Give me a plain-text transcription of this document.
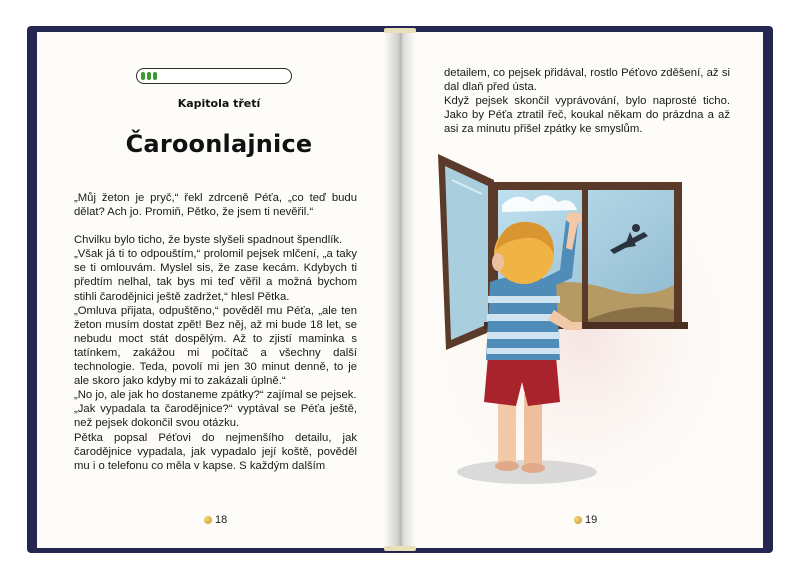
Kapitola třetí
Čaroonlajnice

„Můj žeton je pryč,“ řekl zdrceně Péťa, „co teď budu dělat? Ach jo. Promiň, Pětko, že jsem ti nevěřil.“

Chvilku bylo ticho, že byste slyšeli spadnout špendlík.

„Však já ti to odpouštím,“ prolomil pejsek mlčení, „a taky se ti omlouvám. Myslel sis, že zase kecám. Kdybych ti předtím nelhal, tak bys mi teď věřil a možná bychom stihli čarodějnici ještě zadržet,“ hlesl Pětka.

„Omluva přijata, odpuštěno,“ pověděl mu Péťa, „ale ten žeton musím dostat zpět! Bez něj, až mi bude 18 let, se nebudu moct stát dospělým. Až to zjistí maminka s tatínkem, zakážou mi počítač a všechny další technologie. Teda, povolí mi jen 30 minut denně, to je ale skoro jako kdyby mi to zakázali úplně.“

„No jo, ale jak ho dostaneme zpátky?“ zajímal se pejsek.

„Jak vypadala ta čarodějnice?“ vyptával se Péťa ještě, než pejsek dokončil svou otázku.

Pětka popsal Péťovi do nejmenšího detailu, jak čarodějnice vypadala, jak vypadalo její koště, pověděl mu i o telefonu co měla v kapse. S každým dalším

detailem, co pejsek přidával, rostlo Péťovo zděšení, až si dal dlaň před ústa.

Když pejsek skončil vyprávování, bylo naprosté ticho. Jako by Péťa ztratil řeč, koukal někam do prázdna a až asi za minutu přišel zpátky ke smyslům.

18	19
